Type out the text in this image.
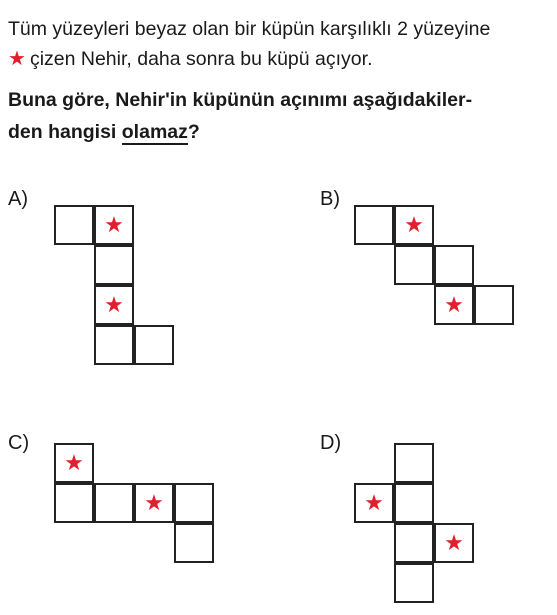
Tüm yüzeyleri beyaz olan bir küpün karşılıklı 2 yüzeyine
★ çizen Nehir, daha sonra bu küpü açıyor.
Buna göre, Nehir'in küpünün açınımı aşağıdakiler-
den hangisi olamaz?
A)	B)
C)	D)
★
★
★
★
★
★	★
★
